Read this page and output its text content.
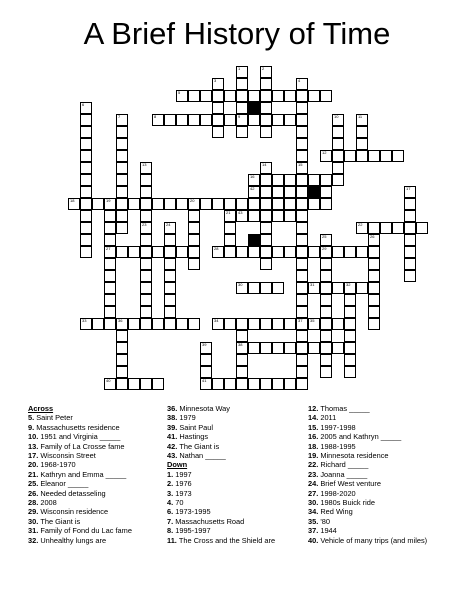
A Brief History of Time
1
9
2
3	4
5
6
7	10	11
8
12
13
23
14	15
16
42	17
18	19	20
27
21 43
22
24
25
29
26
28
30	31	32
33	36	34	35
38
37
39
41
40
Across
5. Saint Peter
9. Massachusetts residence
10. 1951 and Virginia _____
13. Family of La Crosse fame
17. Wisconsin Street
20. 1968-1970
21. Kathryn and Emma _____
25. Eleanor _____
26. Needed detasseling
28. 2008
29. Wisconsin residence
30. The Giant is
31. Family of Fond du Lac fame
32. Unhealthy lungs are
36. Minnesota Way
38. 1979
39. Saint Paul
41. Hastings
42. The Giant is
43. Nathan _____
Down
1. 1997
2. 1976
3. 1973
4. 70
6. 1973-1995
7. Massachusetts Road
8. 1995-1997
11. The Cross and the Shield are
12. Thomas _____
14. 2011
15. 1997-1998
16. 2005 and Kathryn _____
18. 1988-1995
19. Minnesota residence
22. Richard _____
23. Joanna _____
24. Brief West venture
27. 1998-2020
30. 1980s Buick ride
34. Red Wing
35. '80
37. 1944
40. Vehicle of many trips (and miles)
